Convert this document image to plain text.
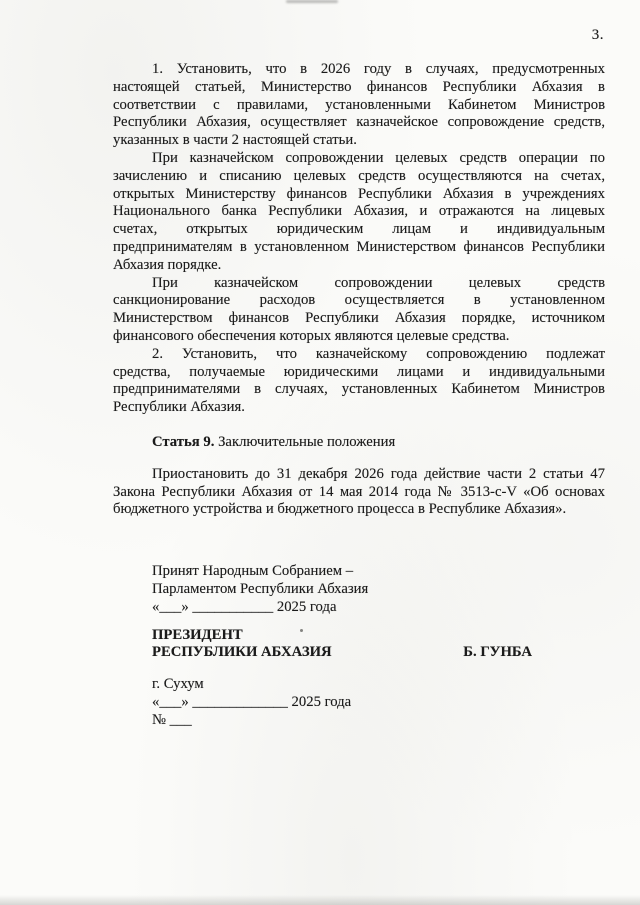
3.
1. Установить, что в 2026 году в случаях, предусмотренных
настоящей статьей, Министерство финансов Республики Абхазия в
соответствии с правилами, установленными Кабинетом Министров
Республики Абхазия, осуществляет казначейское сопровождение средств,
указанных в части 2 настоящей статьи.
При казначейском сопровождении целевых средств операции по
зачислению и списанию целевых средств осуществляются на счетах,
открытых Министерству финансов Республики Абхазия в учреждениях
Национального банка Республики Абхазия, и отражаются на лицевых
счетах, открытых юридическим лицам и индивидуальным
предпринимателям в установленном Министерством финансов Республики
Абхазия порядке.
При казначейском сопровождении целевых средств
санкционирование расходов осуществляется в установленном
Министерством финансов Республики Абхазия порядке, источником
финансового обеспечения которых являются целевые средства.
2. Установить, что казначейскому сопровождению подлежат
средства, получаемые юридическими лицами и индивидуальными
предпринимателями в случаях, установленных Кабинетом Министров
Республики Абхазия.
Статья 9. Заключительные положения
Приостановить до 31 декабря 2026 года действие части 2 статьи 47
Закона Республики Абхазия от 14 мая 2014 года № 3513-с-V «Об основах
бюджетного устройства и бюджетного процесса в Республике Абхазия».
Принят Народным Собранием –
Парламентом Республики Абхазия
«___» ___________ 2025 года
ПРЕЗИДЕНТ
РЕСПУБЛИКИ АБХАЗИЯ	Б. ГУНБА
г. Сухум
«___» _____________ 2025 года
№ ___
